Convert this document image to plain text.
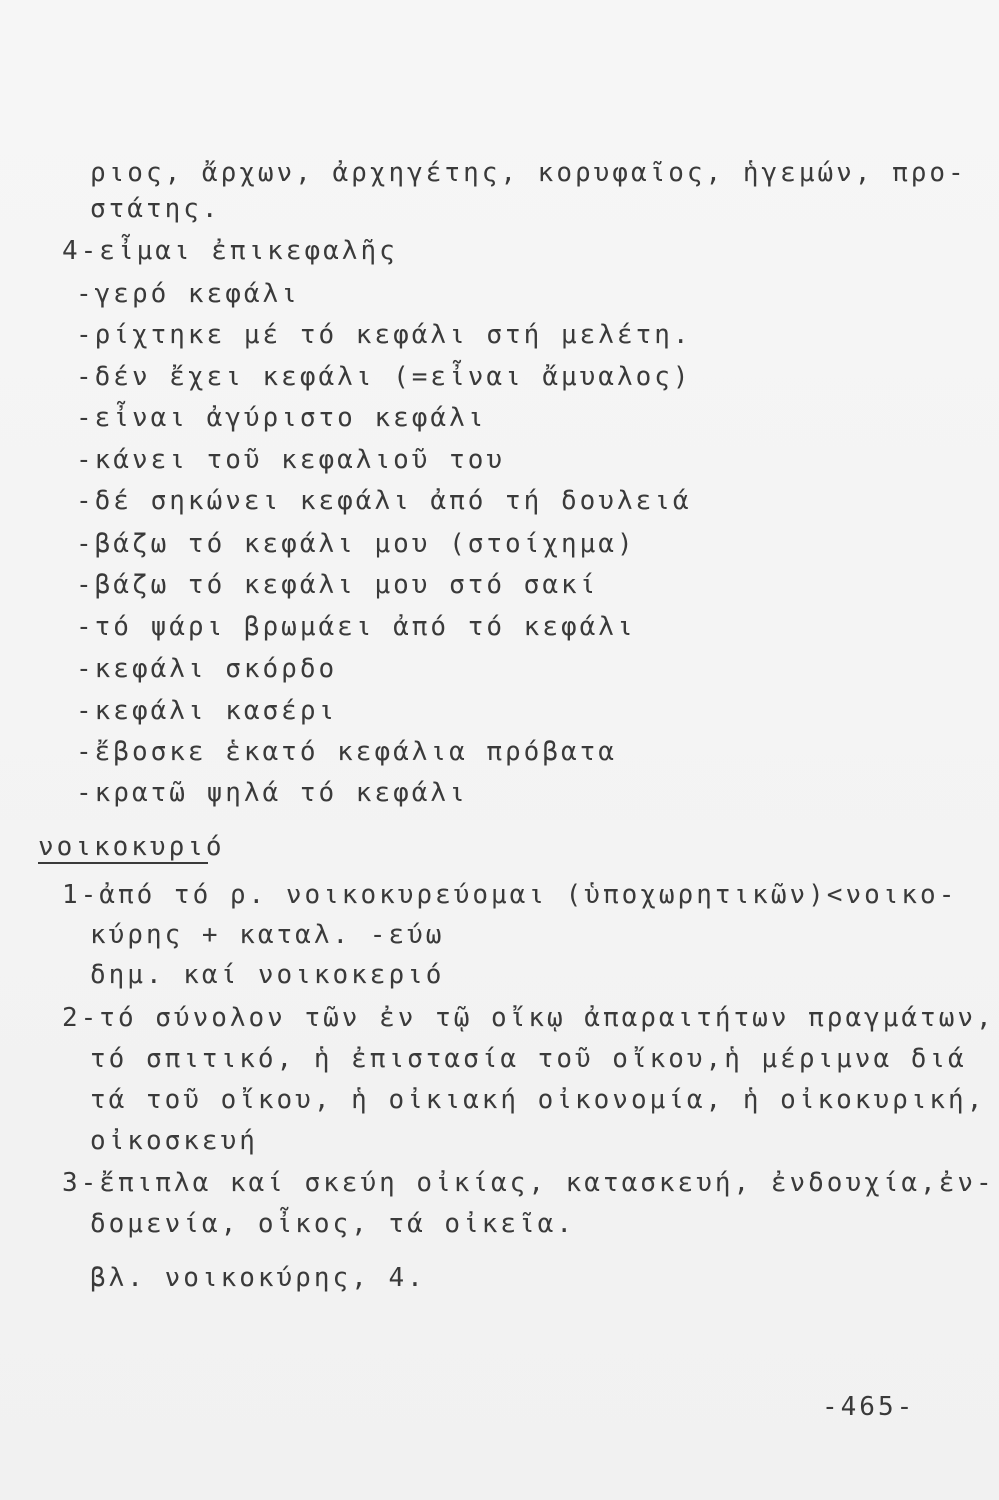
ριος, ἄρχων, ἀρχηγέτης, κορυφαῖος, ἡγεμών, προ-
στάτης.
4-εἶμαι ἐπικεφαλῆς
-γερό κεφάλι
-ρίχτηκε μέ τό κεφάλι στή μελέτη.
-δέν ἔχει κεφάλι (=εἶναι ἄμυαλος)
-εἶναι ἀγύριστο κεφάλι
-κάνει τοῦ κεφαλιοῦ του
-δέ σηκώνει κεφάλι ἀπό τή δουλειά
-βάζω τό κεφάλι μου (στοίχημα)
-βάζω τό κεφάλι μου στό σακί
-τό ψάρι βρωμάει ἀπό τό κεφάλι
-κεφάλι σκόρδο
-κεφάλι κασέρι
-ἔβοσκε ἑκατό κεφάλια πρόβατα
-κρατῶ ψηλά τό κεφάλι
νοικοκυριό
1-ἀπό τό ρ. νοικοκυρεύομαι (ὑποχωρητικῶν)<νοικο-
κύρης + καταλ. -εύω
δημ. καί νοικοκεριό
2-τό σύνολον τῶν ἐν τῷ οἴκῳ ἀπαραιτήτων πραγμάτων,
τό σπιτικό, ἡ ἐπιστασία τοῦ οἴκου,ἡ μέριμνα διά
τά τοῦ οἴκου, ἡ οἰκιακή οἰκονομία, ἡ οἰκοκυρική,
οἰκοσκευή
3-ἔπιπλα καί σκεύη οἰκίας, κατασκευή, ἐνδουχία,ἐν-
δομενία, οἶκος, τά οἰκεῖα.
βλ. νοικοκύρης, 4.
-465-
